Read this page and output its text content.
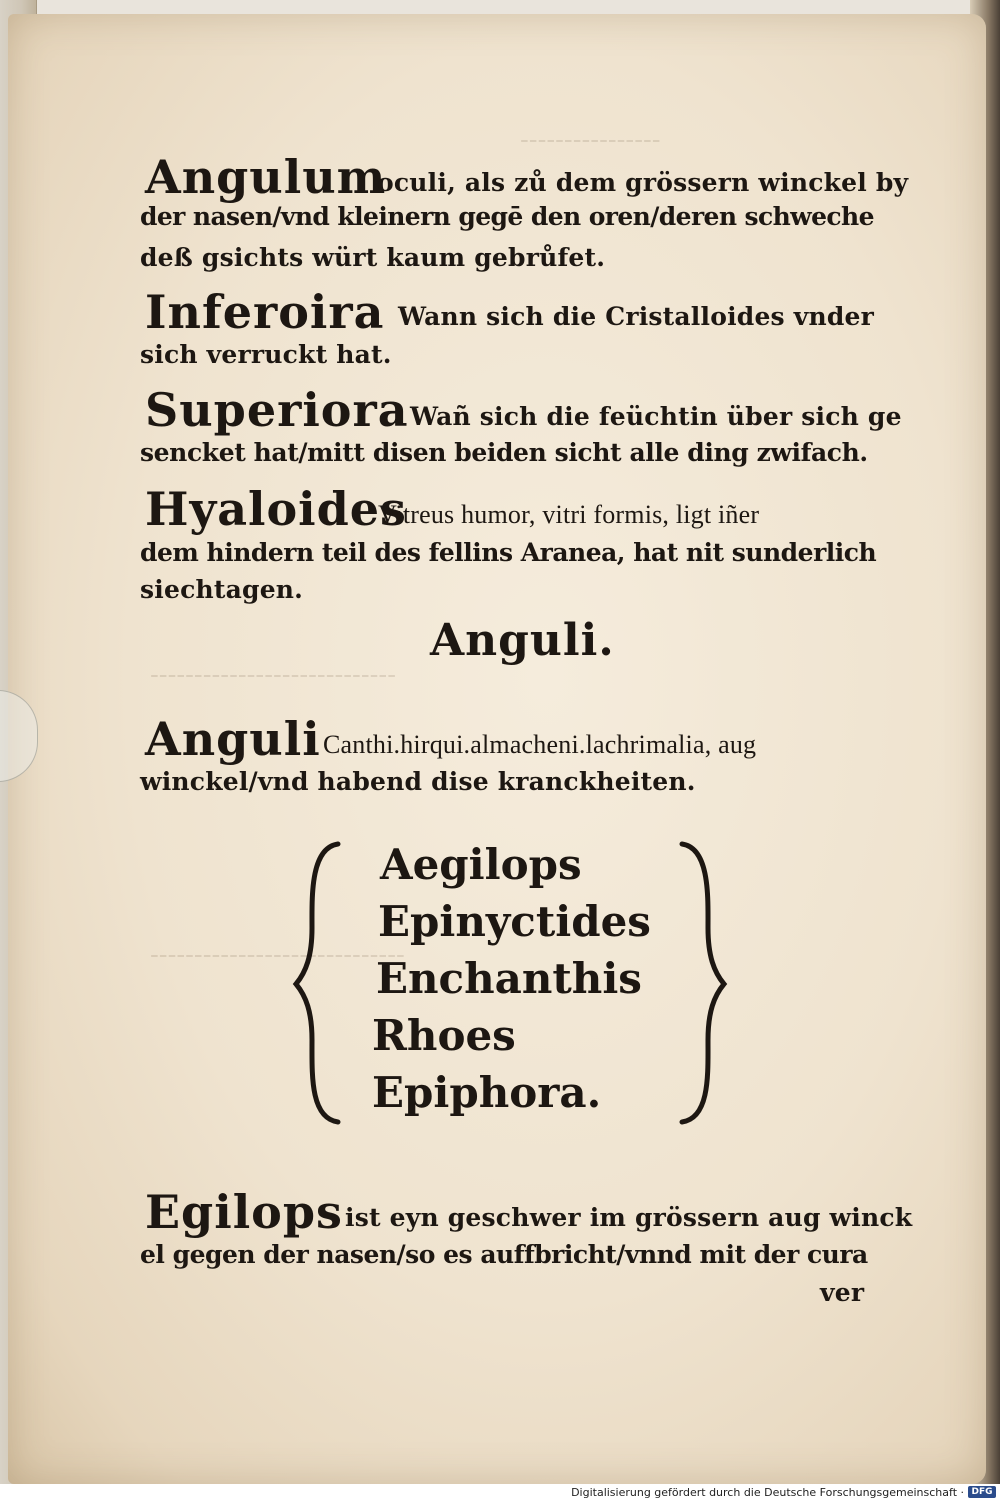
‑‑‑‑‑‑‑‑‑‑‑‑‑‑‑‑
‑‑‑‑‑‑‑‑‑‑‑‑‑‑‑‑‑‑‑‑‑‑‑‑‑‑‑‑
‑‑‑‑‑‑‑‑‑‑‑‑‑‑‑‑‑‑‑‑‑‑‑‑‑‑‑‑‑
Angulum
oculi, als zů dem grössern winckel by
der nasen/vnd kleinern gegē den oren/deren schweche
deß gsichts würt kaum gebrůfet.
Inferoira Wann sich die Cristalloides vnder
sich verruckt hat.
Superiora Wañ sich die feüchtin über sich ge
sencket hat/mitt disen beiden sicht alle ding zwifach.
Hyaloides
Vitreus humor, vitri formis, ligt iñer
dem hindern teil des fellins Aranea, hat nit sunderlich
siechtagen.
Anguli.
Anguli Canthi.hirqui.almacheni.lachrimalia, aug
winckel/vnd habend dise kranckheiten.
Aegilops
Epinyctides
Enchanthis
Rhoes
Epiphora.
Egilops ist eyn geschwer im grössern aug winck
el gegen der nasen/so es auffbricht/vnnd mit der cura
ver
Digitalisierung gefördert durch die Deutsche Forschungsgemeinschaft · DFG
